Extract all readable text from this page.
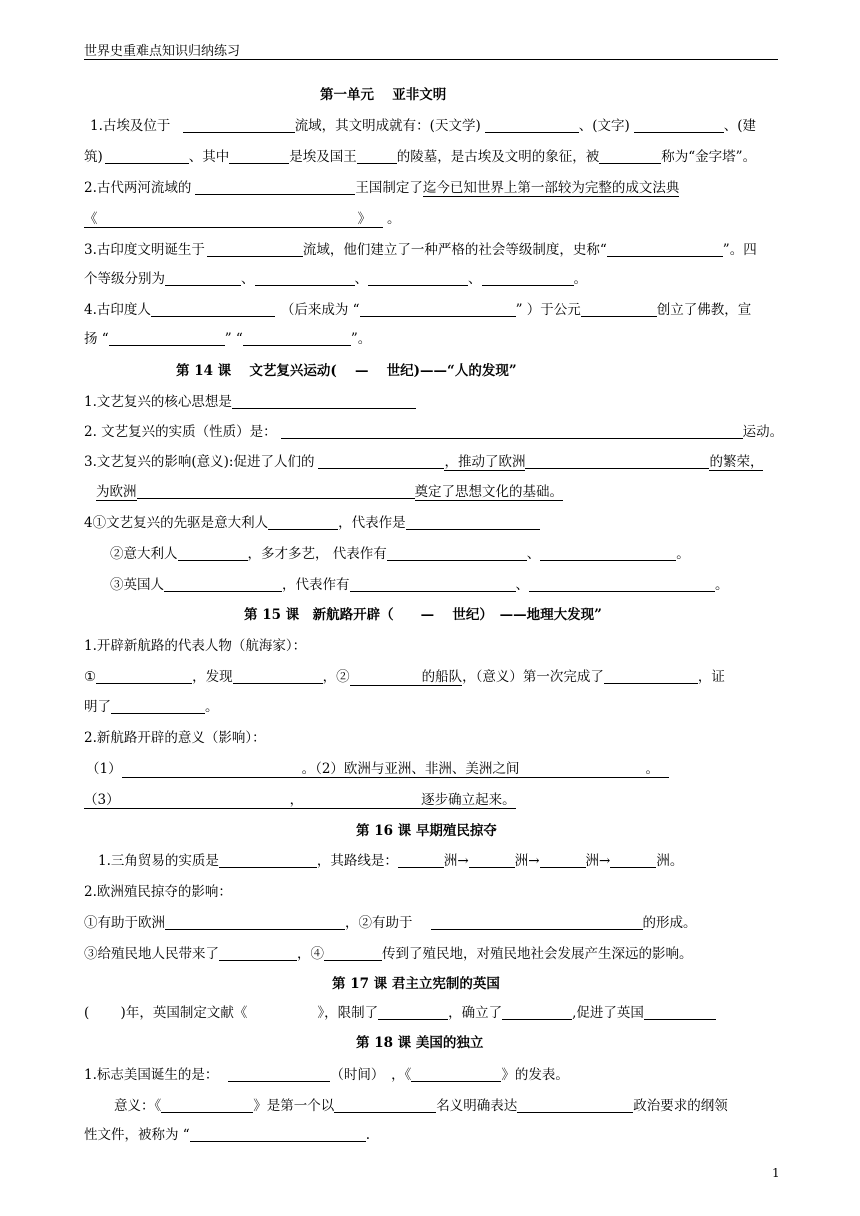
世界史重难点知识归纳练习
第一单元　 亚非文明
1.古埃及位于	流域，其文明成就有：(天文学)	、(文字)	、(建
筑)	、其中	是埃及国王	的陵墓，是古埃及文明的象征，被	称为“金字塔”。
2.古代两河流域的	王国制定了迄今已知世界上第一部较为完整的成文法典
《	》 。
3.古印度文明诞生于	流域，他们建立了一种严格的社会等级制度，史称“	”。四
个等级分别为	、	、	、	。
4.古印度人	（后来成为 “	” ）于公元	创立了佛教，宣
扬 “	” “	”。
第 14 课　 文艺复兴运动(　 —　 世纪)——“人的发现”
1.文艺复兴的核心思想是
2. 文艺复兴的实质（性质）是：	运动。
3.文艺复兴的影响(意义):促进了人们的	，推动了欧洲	的繁荣，
为欧洲	奠定了思想文化的基础。
4①文艺复兴的先驱是意大利人	，代表作是
②意大利人	，多才多艺， 代表作有	、	。
③英国人	，代表作有	、	。
第 15 课　新航路开辟（　　—　 世纪）　——地理大发现”
1.开辟新航路的代表人物（航海家）：
①	，发现	，②	的船队，（意义）第一次完成了	，证
明了	。
2.新航路开辟的意义（影响）：
（1）	。（2）欧洲与亚洲、非洲、美洲之间	。
（3）	，	逐步确立起来。
第 16 课 早期殖民掠夺
1.三角贸易的实质是	，其路线是：	洲→	洲→	洲→	洲。
2.欧洲殖民掠夺的影响：
①有助于欧洲	，②有助于	的形成。
③给殖民地人民带来了	，④	传到了殖民地，对殖民地社会发展产生深远的影响。
第 17 课 君主立宪制的英国
(　　 )年，英国制定文献《	》，限制了	，确立了	,促进了英国
第 18 课 美国的独立
1.标志美国诞生的是：	（时间）　，《	》的发表。
意义：《	》是第一个以	名义明确表达	政治要求的纲领
性文件，被称为 “	.
1
